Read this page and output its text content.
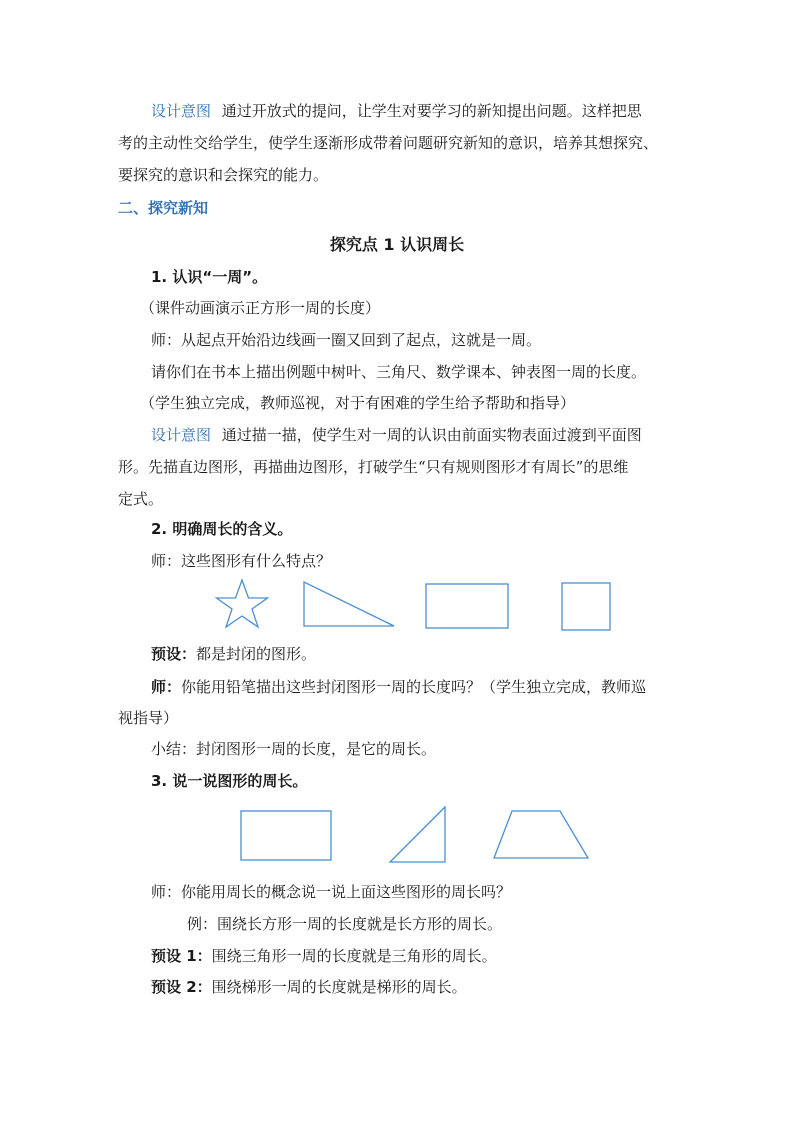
设计意图 通过开放式的提问，让学生对要学习的新知提出问题。这样把思
考的主动性交给学生，使学生逐渐形成带着问题研究新知的意识，培养其想探究、
要探究的意识和会探究的能力。
二、探究新知
探究点 1 认识周长
1. 认识“一周”。
（课件动画演示正方形一周的长度）
师：从起点开始沿边线画一圈又回到了起点，这就是一周。
请你们在书本上描出例题中树叶、三角尺、数学课本、钟表图一周的长度。
（学生独立完成，教师巡视，对于有困难的学生给予帮助和指导）
设计意图 通过描一描，使学生对一周的认识由前面实物表面过渡到平面图
形。先描直边图形，再描曲边图形，打破学生“只有规则图形才有周长”的思维
定式。
2. 明确周长的含义。
师：这些图形有什么特点？
预设：都是封闭的图形。
师：你能用铅笔描出这些封闭图形一周的长度吗？（学生独立完成，教师巡
视指导）
小结：封闭图形一周的长度，是它的周长。
3. 说一说图形的周长。
师：你能用周长的概念说一说上面这些图形的周长吗？
例：围绕长方形一周的长度就是长方形的周长。
预设 1：围绕三角形一周的长度就是三角形的周长。
预设 2：围绕梯形一周的长度就是梯形的周长。
